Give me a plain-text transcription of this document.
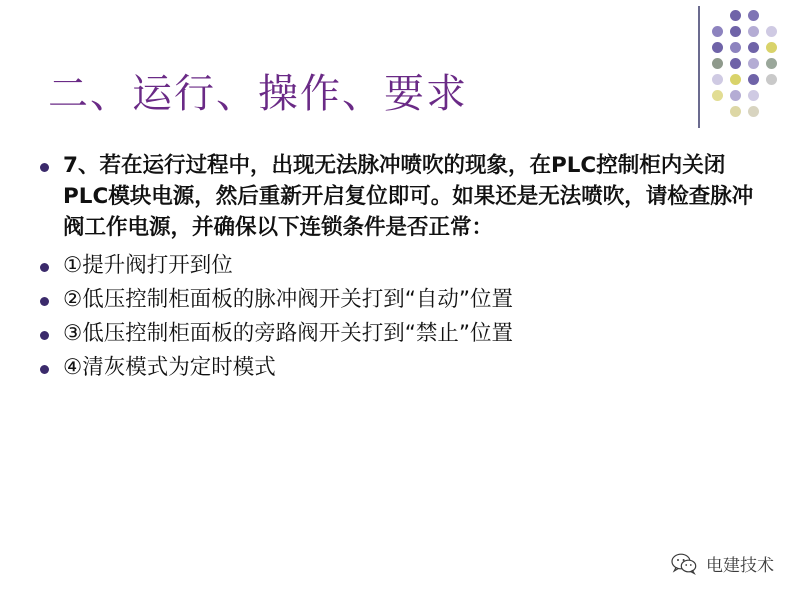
二、运行、操作、要求
7、若在运行过程中，出现无法脉冲喷吹的现象，在PLC控制柜内关闭PLC模块电源，然后重新开启复位即可。如果还是无法喷吹，请检查脉冲阀工作电源，并确保以下连锁条件是否正常：
①提升阀打开到位
②低压控制柜面板的脉冲阀开关打到“自动”位置
③低压控制柜面板的旁路阀开关打到“禁止”位置
④清灰模式为定时模式
电建技术
